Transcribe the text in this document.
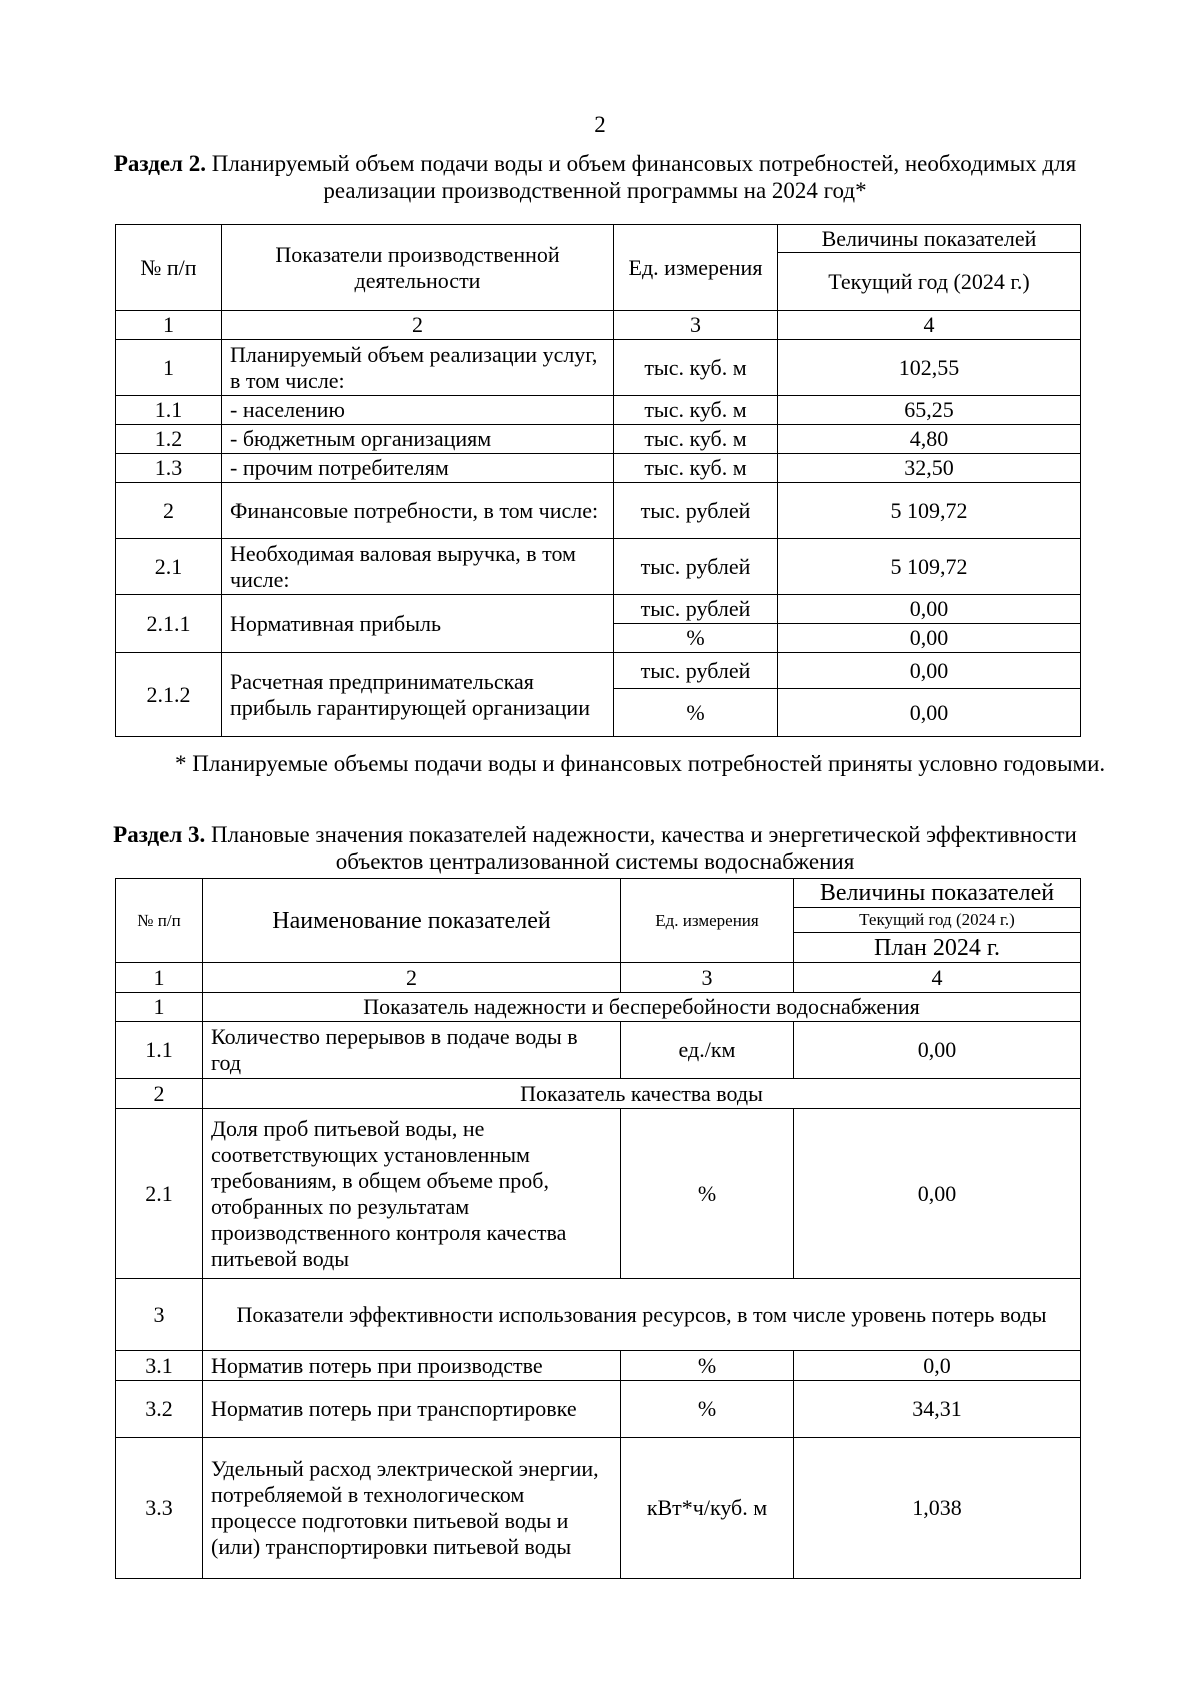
2
Раздел 2. Планируемый объем подачи воды и объем финансовых потребностей, необходимых для реализации производственной программы на 2024 год*
№ п/п	Показатели производственной деятельности	Ед. измерения	Величины показателей
			Текущий год (2024 г.)
1	2	3	4
1	Планируемый объем реализации услуг, в том числе:	тыс. куб. м	102,55
1.1	- населению	тыс. куб. м	65,25
1.2	- бюджетным организациям	тыс. куб. м	4,80
1.3	- прочим потребителям	тыс. куб. м	32,50
2	Финансовые потребности, в том числе:	тыс. рублей	5 109,72
2.1	Необходимая валовая выручка, в том числе:	тыс. рублей	5 109,72
2.1.1	Нормативная прибыль	тыс. рублей	0,00
		%	0,00
2.1.2	Расчетная предпринимательская прибыль гарантирующей организации	тыс. рублей	0,00
		%	0,00
* Планируемые объемы подачи воды и финансовых потребностей приняты условно годовыми.
Раздел 3. Плановые значения показателей надежности, качества и энергетической эффективности объектов централизованной системы водоснабжения
№ п/п	Наименование показателей	Ед. измерения	Величины показателей
			Текущий год (2024 г.)
			План 2024 г.
1	2	3	4
1	Показатель надежности и бесперебойности водоснабжения		
1.1	Количество перерывов в подаче воды в год	ед./км	0,00
2	Показатель качества воды		
2.1	Доля проб питьевой воды, не соответствующих установленным требованиям, в общем объеме проб, отобранных по результатам производственного контроля качества питьевой воды	%	0,00
3	Показатели эффективности использования ресурсов, в том числе уровень потерь воды		
3.1	Норматив потерь при производстве	%	0,0
3.2	Норматив потерь при транспортировке	%	34,31
3.3	Удельный расход электрической энергии, потребляемой в технологическом процессе подготовки питьевой воды и (или) транспортировки питьевой воды	кВт*ч/куб. м	1,038
